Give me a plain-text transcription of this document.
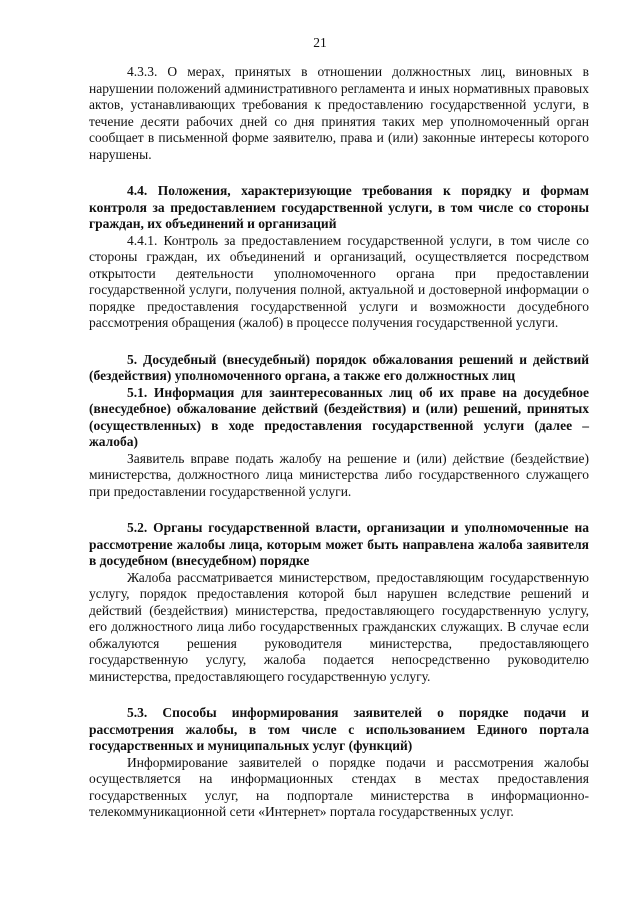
21

4.3.3. О мерах, принятых в отношении должностных лиц, виновных в нарушении положений административного регламента и иных нормативных правовых актов, устанавливающих требования к предоставлению государственной услуги, в течение десяти рабочих дней со дня принятия таких мер уполномоченный орган сообщает в письменной форме заявителю, права и (или) законные интересы которого нарушены.

4.4. Положения, характеризующие требования к порядку и формам контроля за предоставлением государственной услуги, в том числе со стороны граждан, их объединений и организаций

4.4.1. Контроль за предоставлением государственной услуги, в том числе со стороны граждан, их объединений и организаций, осуществляется посредством открытости деятельности уполномоченного органа при предоставлении государственной услуги, получения полной, актуальной и достоверной информации о порядке предоставления государственной услуги и возможности досудебного рассмотрения обращения (жалоб) в процессе получения государственной услуги.

5. Досудебный (внесудебный) порядок обжалования решений и действий (бездействия) уполномоченного органа, а также его должностных лиц

5.1. Информация для заинтересованных лиц об их праве на досудебное (внесудебное) обжалование действий (бездействия) и (или) решений, принятых (осуществленных) в ходе предоставления государственной услуги (далее – жалоба)

Заявитель вправе подать жалобу на решение и (или) действие (бездействие) министерства, должностного лица министерства либо государственного служащего при предоставлении государственной услуги.

5.2. Органы государственной власти, организации и уполномоченные на рассмотрение жалобы лица, которым может быть направлена жалоба заявителя в досудебном (внесудебном) порядке

Жалоба рассматривается министерством, предоставляющим государственную услугу, порядок предоставления которой был нарушен вследствие решений и действий (бездействия) министерства, предоставляющего государственную услугу, его должностного лица либо государственных гражданских служащих. В случае если обжалуются решения руководителя министерства, предоставляющего государственную услугу, жалоба подается непосредственно руководителю министерства, предоставляющего государственную услугу.

5.3. Способы информирования заявителей о порядке подачи и рассмотрения жалобы, в том числе с использованием Единого портала государственных и муниципальных услуг (функций)

Информирование заявителей о порядке подачи и рассмотрения жалобы осуществляется на информационных стендах в местах предоставления государственных услуг, на подпортале министерства в информационно-телекоммуникационной сети «Интернет» портала государственных услуг.
